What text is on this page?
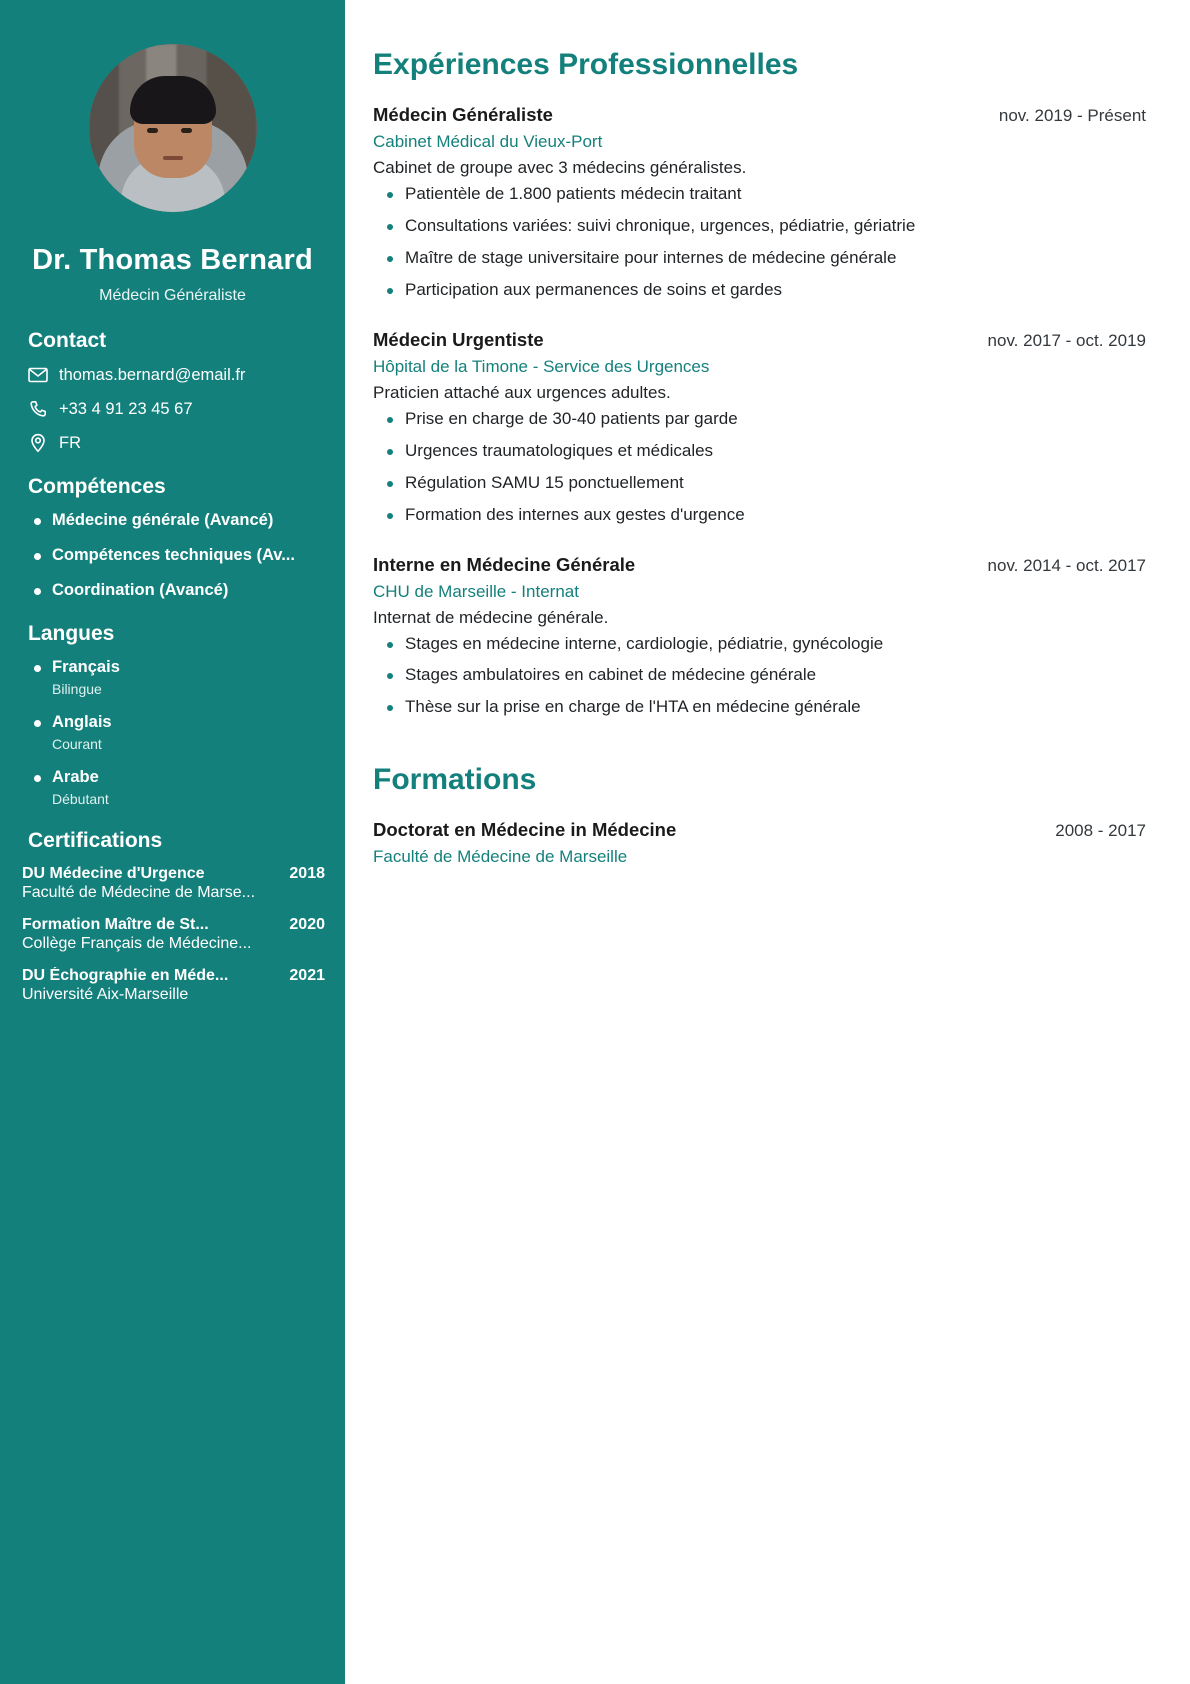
Dr. Thomas Bernard
Médecin Généraliste
Contact
thomas.bernard@email.fr
+33 4 91 23 45 67
FR
Compétences
Médecine générale (Avancé)
Compétences techniques (Av...
Coordination (Avancé)
Langues
Français
Bilingue
Anglais
Courant
Arabe
Débutant
Certifications
DU Médecine d'Urgence	2018
Faculté de Médecine de Marse...
Formation Maître de St...	2020
Collège Français de Médecine...
DU Échographie en Méde...	2021
Université Aix-Marseille
Expériences Professionnelles
Médecin Généraliste	nov. 2019 - Présent
Cabinet Médical du Vieux-Port
Cabinet de groupe avec 3 médecins généralistes.
Patientèle de 1.800 patients médecin traitant
Consultations variées: suivi chronique, urgences, pédiatrie, gériatrie
Maître de stage universitaire pour internes de médecine générale
Participation aux permanences de soins et gardes
Médecin Urgentiste	nov. 2017 - oct. 2019
Hôpital de la Timone - Service des Urgences
Praticien attaché aux urgences adultes.
Prise en charge de 30-40 patients par garde
Urgences traumatologiques et médicales
Régulation SAMU 15 ponctuellement
Formation des internes aux gestes d'urgence
Interne en Médecine Générale	nov. 2014 - oct. 2017
CHU de Marseille - Internat
Internat de médecine générale.
Stages en médecine interne, cardiologie, pédiatrie, gynécologie
Stages ambulatoires en cabinet de médecine générale
Thèse sur la prise en charge de l'HTA en médecine générale
Formations
Doctorat en Médecine in Médecine	2008 - 2017
Faculté de Médecine de Marseille
